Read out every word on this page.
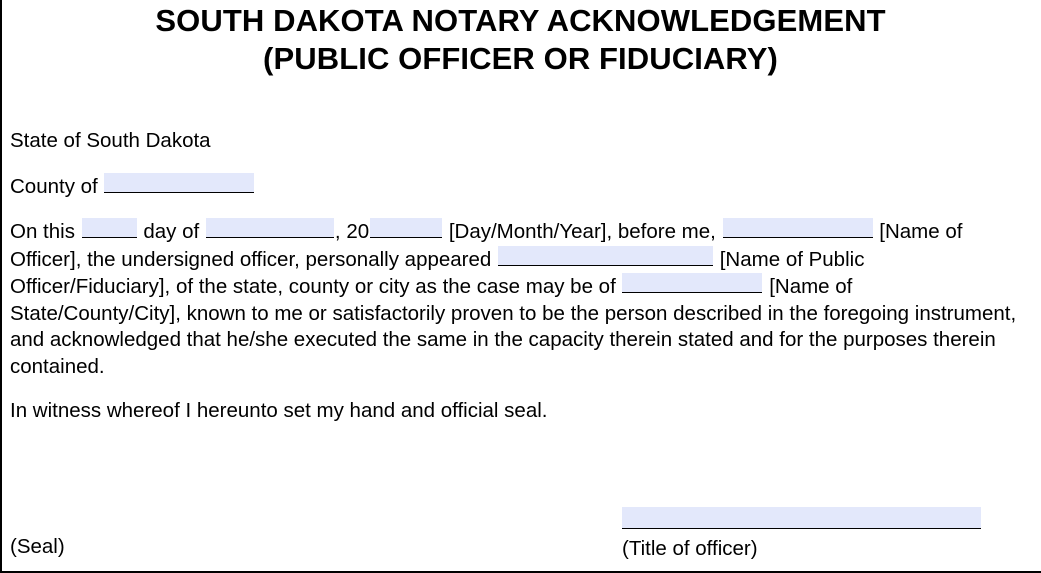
SOUTH DAKOTA NOTARY ACKNOWLEDGEMENT
(PUBLIC OFFICER OR FIDUCIARY)

State of South Dakota

County of

On this	day of	, 20	[Day/Month/Year], before me,	[Name of Officer], the undersigned officer, personally appeared	[Name of Public Officer/Fiduciary], of the state, county or city as the case may be of	[Name of State/County/City], known to me or satisfactorily proven to be the person described in the foregoing instrument, and acknowledged that he/she executed the same in the capacity therein stated and for the purposes therein contained.

In witness whereof I hereunto set my hand and official seal.

(Seal)	(Title of officer)
